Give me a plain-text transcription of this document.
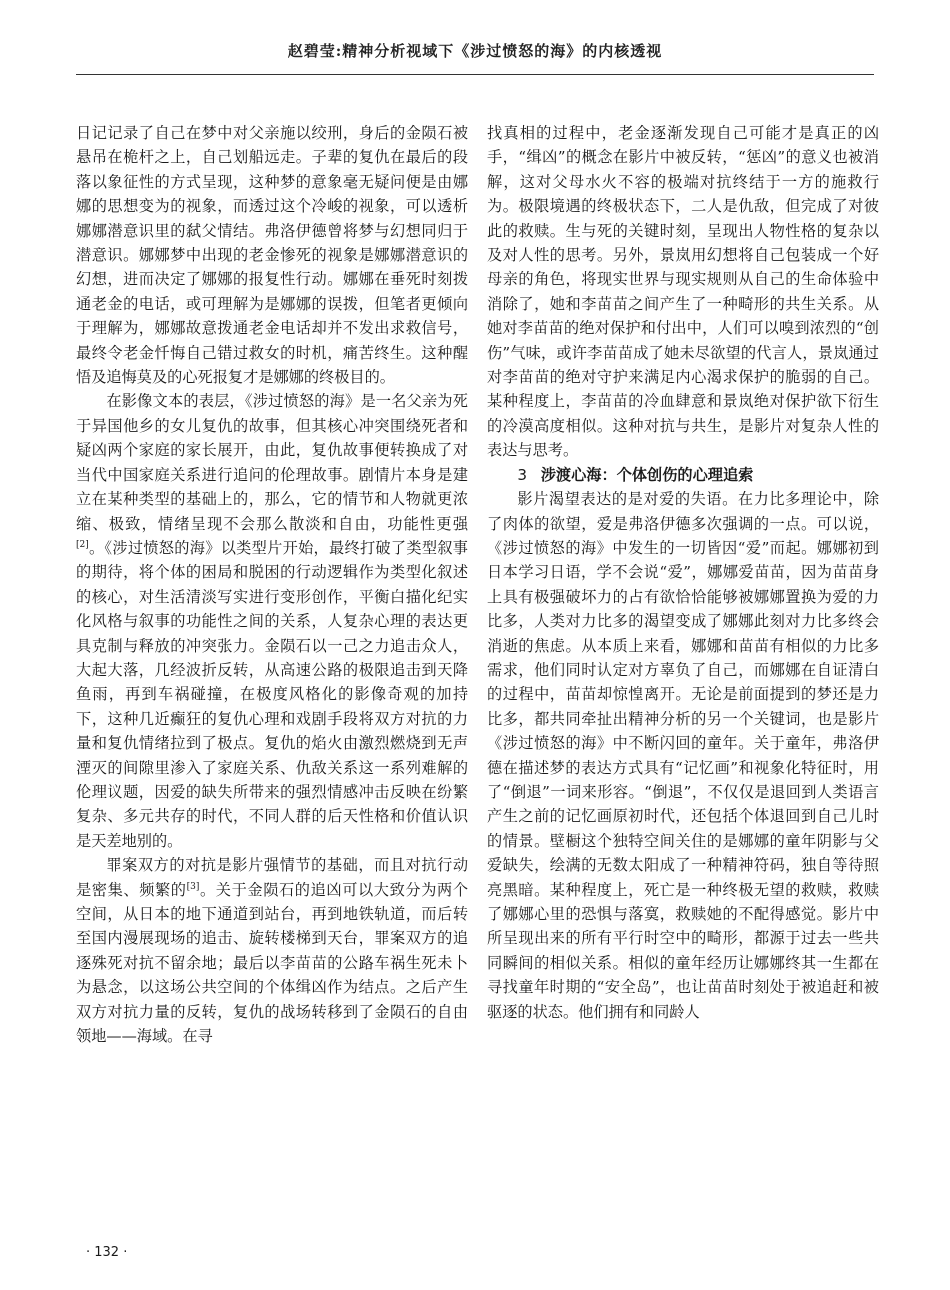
赵碧莹:精神分析视域下《涉过愤怒的海》的内核透视

日记记录了自己在梦中对父亲施以绞刑，身后的金陨石被悬吊在桅杆之上，自己划船远走。子辈的复仇在最后的段落以象征性的方式呈现，这种梦的意象毫无疑问便是由娜娜的思想变为的视象，而透过这个冷峻的视象，可以透析娜娜潜意识里的弑父情结。弗洛伊德曾将梦与幻想同归于潜意识。娜娜梦中出现的老金惨死的视象是娜娜潜意识的幻想，进而决定了娜娜的报复性行动。娜娜在垂死时刻拨通老金的电话，或可理解为是娜娜的误拨，但笔者更倾向于理解为，娜娜故意拨通老金电话却并不发出求救信号，最终令老金忏悔自己错过救女的时机，痛苦终生。这种醒悟及追悔莫及的心死报复才是娜娜的终极目的。

在影像文本的表层，《涉过愤怒的海》是一名父亲为死于异国他乡的女儿复仇的故事，但其核心冲突围绕死者和疑凶两个家庭的家长展开，由此，复仇故事便转换成了对当代中国家庭关系进行追问的伦理故事。剧情片本身是建立在某种类型的基础上的，那么，它的情节和人物就更浓缩、极致，情绪呈现不会那么散淡和自由，功能性更强[2]。《涉过愤怒的海》以类型片开始，最终打破了类型叙事的期待，将个体的困局和脱困的行动逻辑作为类型化叙述的核心，对生活清淡写实进行变形创作，平衡白描化纪实化风格与叙事的功能性之间的关系，人复杂心理的表达更具克制与释放的冲突张力。金陨石以一己之力追击众人，大起大落，几经波折反转，从高速公路的极限追击到天降鱼雨，再到车祸碰撞，在极度风格化的影像奇观的加持下，这种几近癫狂的复仇心理和戏剧手段将双方对抗的力量和复仇情绪拉到了极点。复仇的焰火由激烈燃烧到无声湮灭的间隙里渗入了家庭关系、仇敌关系这一系列难解的伦理议题，因爱的缺失所带来的强烈情感冲击反映在纷繁复杂、多元共存的时代，不同人群的后天性格和价值认识是天差地别的。

罪案双方的对抗是影片强情节的基础，而且对抗行动是密集、频繁的[3]。关于金陨石的追凶可以大致分为两个空间，从日本的地下通道到站台，再到地铁轨道，而后转至国内漫展现场的追击、旋转楼梯到天台，罪案双方的追逐殊死对抗不留余地；最后以李苗苗的公路车祸生死未卜为悬念，以这场公共空间的个体缉凶作为结点。之后产生双方对抗力量的反转，复仇的战场转移到了金陨石的自由领地——海域。在寻

找真相的过程中，老金逐渐发现自己可能才是真正的凶手，“缉凶”的概念在影片中被反转，“惩凶”的意义也被消解，这对父母水火不容的极端对抗终结于一方的施救行为。极限境遇的终极状态下，二人是仇敌，但完成了对彼此的救赎。生与死的关键时刻，呈现出人物性格的复杂以及对人性的思考。另外，景岚用幻想将自己包装成一个好母亲的角色，将现实世界与现实规则从自己的生命体验中消除了，她和李苗苗之间产生了一种畸形的共生关系。从她对李苗苗的绝对保护和付出中，人们可以嗅到浓烈的“创伤”气味，或许李苗苗成了她未尽欲望的代言人，景岚通过对李苗苗的绝对守护来满足内心渴求保护的脆弱的自己。某种程度上，李苗苗的冷血肆意和景岚绝对保护欲下衍生的冷漠高度相似。这种对抗与共生，是影片对复杂人性的表达与思考。

3 涉渡心海：个体创伤的心理追索

影片渴望表达的是对爱的失语。在力比多理论中，除了肉体的欲望，爱是弗洛伊德多次强调的一点。可以说，《涉过愤怒的海》中发生的一切皆因“爱”而起。娜娜初到日本学习日语，学不会说“爱”，娜娜爱苗苗，因为苗苗身上具有极强破坏力的占有欲恰恰能够被娜娜置换为爱的力比多，人类对力比多的渴望变成了娜娜此刻对力比多终会消逝的焦虑。从本质上来看，娜娜和苗苗有相似的力比多需求，他们同时认定对方辜负了自己，而娜娜在自证清白的过程中，苗苗却惊惶离开。无论是前面提到的梦还是力比多，都共同牵扯出精神分析的另一个关键词，也是影片《涉过愤怒的海》中不断闪回的童年。关于童年，弗洛伊德在描述梦的表达方式具有“记忆画”和视象化特征时，用了“倒退”一词来形容。“倒退”，不仅仅是退回到人类语言产生之前的记忆画原初时代，还包括个体退回到自己儿时的情景。壁橱这个独特空间关住的是娜娜的童年阴影与父爱缺失，绘满的无数太阳成了一种精神符码，独自等待照亮黑暗。某种程度上，死亡是一种终极无望的救赎，救赎了娜娜心里的恐惧与落寞，救赎她的不配得感觉。影片中所呈现出来的所有平行时空中的畸形，都源于过去一些共同瞬间的相似关系。相似的童年经历让娜娜终其一生都在寻找童年时期的“安全岛”，也让苗苗时刻处于被追赶和被驱逐的状态。他们拥有和同龄人

· 132 ·
